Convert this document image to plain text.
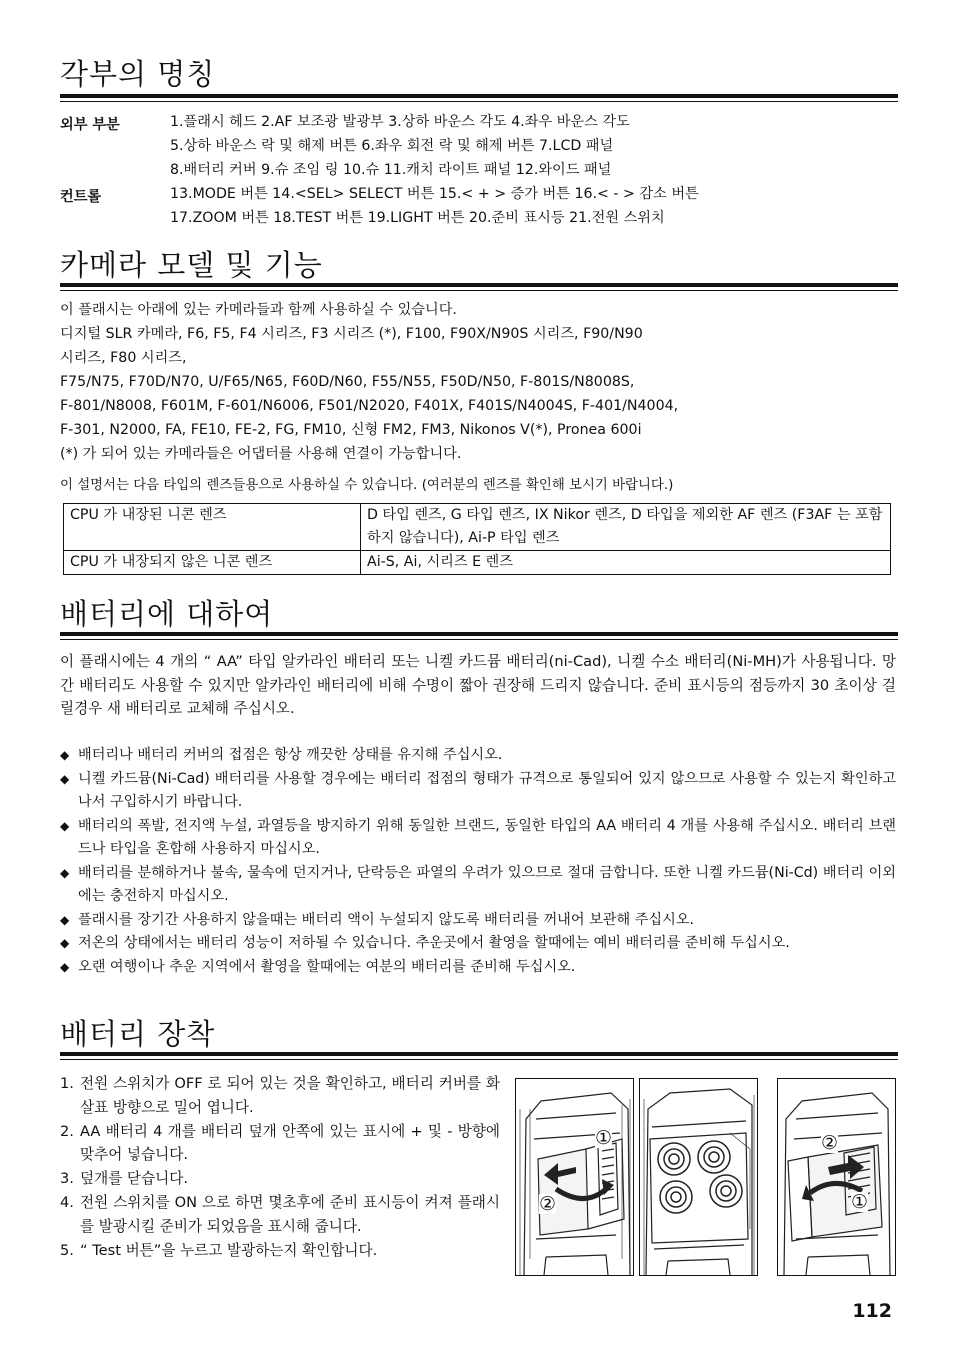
각부의 명칭
외부 부분	1.플래시 헤드 2.AF 보조광 발광부 3.상하 바운스 각도 4.좌우 바운스 각도
5.상하 바운스 락 및 해제 버튼 6.좌우 회전 락 및 해제 버튼 7.LCD 패널
8.배터리 커버 9.슈 조임 링 10.슈 11.캐치 라이트 패널 12.와이드 패널
컨트롤	13.MODE 버튼 14.<SEL> SELECT 버튼 15.< + > 증가 버튼 16.< - > 감소 버튼
17.ZOOM 버튼 18.TEST 버튼 19.LIGHT 버튼 20.준비 표시등 21.전원 스위치
카메라 모델 및 기능
이 플래시는 아래에 있는 카메라들과 함께 사용하실 수 있습니다.
디지털 SLR 카메라, F6, F5, F4 시리즈, F3 시리즈 (*), F100, F90X/N90S 시리즈, F90/N90
시리즈, F80 시리즈,
F75/N75, F70D/N70, U/F65/N65, F60D/N60, F55/N55, F50D/N50, F-801S/N8008S,
F-801/N8008, F601M, F-601/N6006, F501/N2020, F401X, F401S/N4004S, F-401/N4004,
F-301, N2000, FA, FE10, FE-2, FG, FM10, 신형 FM2, FM3, Nikonos V(*), Pronea 600i
(*) 가 되어 있는 카메라들은 어댑터를 사용해 연결이 가능합니다.
이 설명서는 다음 타입의 렌즈들용으로 사용하실 수 있습니다. (여러분의 렌즈를 확인해 보시기 바랍니다.)
CPU 가 내장된 니콘 렌즈	D 타입 렌즈, G 타입 렌즈, IX Nikor 렌즈, D 타입을 제외한 AF 렌즈 (F3AF 는 포함하지 않습니다), Ai-P 타입 렌즈
CPU 가 내장되지 않은 니콘 렌즈	Ai-S, Ai, 시리즈 E 렌즈
배터리에 대하여
이 플래시에는 4 개의 “ AA” 타입 알카라인 배터리 또는 니켈 카드뮴 배터리(ni-Cad), 니켈 수소 배터리(Ni-MH)가 사용됩니다. 망간 배터리도 사용할 수 있지만 알카라인 배터리에 비해 수명이 짧아 권장해 드리지 않습니다. 준비 표시등의 점등까지 30 초이상 걸릴경우 새 배터리로 교체해 주십시오.
◆ 배터리나 배터리 커버의 접점은 항상 깨끗한 상태를 유지해 주십시오.
◆ 니켈 카드뮴(Ni-Cad) 배터리를 사용할 경우에는 배터리 접점의 형태가 규격으로 통일되어 있지 않으므로 사용할 수 있는지 확인하고 나서 구입하시기 바랍니다.
◆ 배터리의 폭발, 전지액 누설, 과열등을 방지하기 위해 동일한 브랜드, 동일한 타입의 AA 배터리 4 개를 사용해 주십시오. 배터리 브랜드나 타입을 혼합해 사용하지 마십시오.
◆ 배터리를 분해하거나 불속, 물속에 던지거나, 단락등은 파열의 우려가 있으므로 절대 금합니다. 또한 니켈 카드뮴(Ni-Cd) 배터리 이외에는 충전하지 마십시오.
◆ 플래시를 장기간 사용하지 않을때는 배터리 액이 누설되지 않도록 배터리를 꺼내어 보관해 주십시오.
◆ 저온의 상태에서는 배터리 성능이 저하될 수 있습니다. 추운곳에서 촬영을 할때에는 예비 배터리를 준비해 두십시오.
◆ 오랜 여행이나 추운 지역에서 촬영을 할때에는 여분의 배터리를 준비해 두십시오.
배터리 장착
1. 전원 스위치가 OFF 로 되어 있는 것을 확인하고, 배터리 커버를 화살표 방향으로 밀어 엽니다.
2. AA 배터리 4 개를 배터리 덮개 안쪽에 있는 표시에 + 및 - 방향에 맞추어 넣습니다.
3. 덮개를 닫습니다.
4. 전원 스위치를 ON 으로 하면 몇초후에 준비 표시등이 켜져 플래시를 발광시킬 준비가 되었음을 표시해 줍니다.
5. “ Test 버튼”을 누르고 발광하는지 확인합니다.
①
②
②
①
112
